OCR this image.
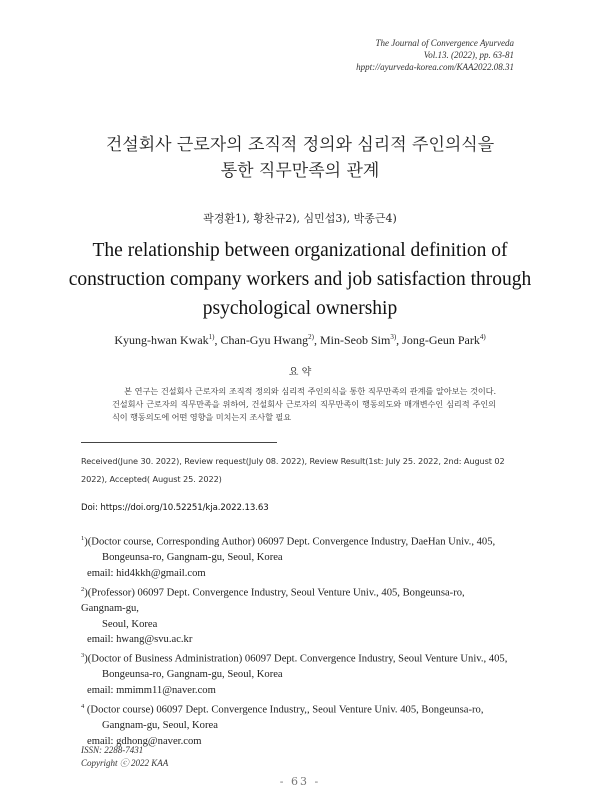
The Journal of Convergence Ayurveda
Vol.13. (2022), pp. 63-81
hppt://ayurveda-korea.com/KAA2022.08.31
건설회사 근로자의 조직적 정의와 심리적 주인의식을
통한 직무만족의 관계
곽경환1), 황찬규2), 심민섭3), 박종근4)
The relationship between organizational definition of
construction company workers and job satisfaction through
psychological ownership
Kyung-hwan Kwak$^{1)}$, Chan-Gyu Hwang$^{2)}$, Min-Seob Sim$^{3)}$, Jong-Geun Park$^{4)}$
요 약
본 연구는 건설회사 근로자의 조직적 정의와 심리적 주인의식을 통한 직무만족의 관계를 알아보는 것이다. 건설회사 근로자의 직무만족을 위하여, 건설회사 근로자의 직무만족이 행동의도와 매개변수인 심리적 주인의식이 행동의도에 어떤 영향을 미치는지 조사할 필요
Received(June 30. 2022), Review request(July 08. 2022), Review Result(1st: July 25. 2022, 2nd: August 02 2022), Accepted( August 25. 2022)
Doi: https://doi.org/10.52251/kja.2022.13.63

$^1$)(Doctor course, Corresponding Author) 06097 Dept. Convergence Industry, DaeHan Univ., 405,

Bongeunsa-ro, Gangnam-gu, Seoul, Korea

email: hid4kkh@gmail.com

$^2$)(Professor) 06097 Dept. Convergence Industry, Seoul Venture Univ., 405, Bongeunsa-ro, Gangnam-gu,

Seoul, Korea

email: hwang@svu.ac.kr

$^3$)(Doctor of Business Administration) 06097 Dept. Convergence Industry, Seoul Venture Univ., 405,

Bongeunsa-ro, Gangnam-gu, Seoul, Korea

email: mmimm11@naver.com

$^4$ (Doctor course) 06097 Dept. Convergence Industry,, Seoul Venture Univ. 405, Bongeunsa-ro,

Gangnam-gu, Seoul, Korea

email: gdhong@naver.com

ISSN: 2288-7431
Copyright ⓒ 2022 KAA
- 63 -
